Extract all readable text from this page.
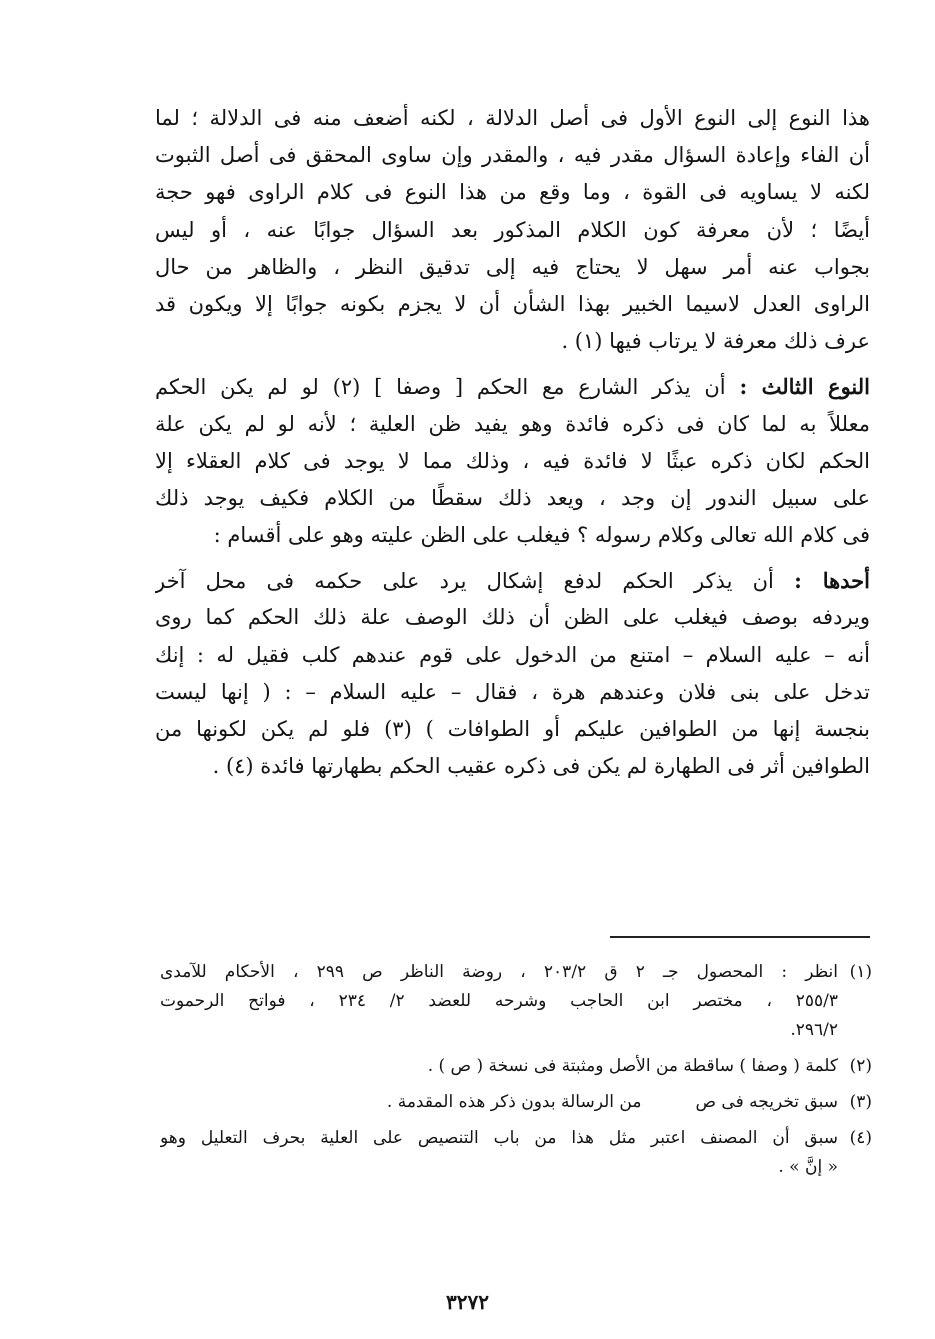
هذا النوع إلى النوع الأول فى أصل الدلالة ، لكنه أضعف منه فى الدلالة ؛ لما
أن الفاء وإعادة السؤال مقدر فيه ، والمقدر وإن ساوى المحقق فى أصل الثبوت
لكنه لا يساويه فى القوة ، وما وقع من هذا النوع فى كلام الراوى فهو حجة
أيضًا ؛ لأن معرفة كون الكلام المذكور بعد السؤال جوابًا عنه ، أو ليس
بجواب عنه أمر سهل لا يحتاج فيه إلى تدقيق النظر ، والظاهر من حال
الراوى العدل لاسيما الخبير بهذا الشأن أن لا يجزم بكونه جوابًا إلا ويكون قد
عرف ذلك معرفة لا يرتاب فيها (١) .
النوع الثالث : أن يذكر الشارع مع الحكم [ وصفا ] (٢) لو لم يكن الحكم
معللاً به لما كان فى ذكره فائدة وهو يفيد ظن العلية ؛ لأنه لو لم يكن علة
الحكم لكان ذكره عبثًا لا فائدة فيه ، وذلك مما لا يوجد فى كلام العقلاء إلا
على سبيل الندور إن وجد ، ويعد ذلك سقطًا من الكلام فكيف يوجد ذلك
فى كلام الله تعالى وكلام رسوله ؟ فيغلب على الظن عليته وهو على أقسام :
أحدها : أن يذكر الحكم لدفع إشكال يرد على حكمه فى محل آخر
ويردفه بوصف فيغلب على الظن أن ذلك الوصف علة ذلك الحكم كما روى
أنه – عليه السلام – امتنع من الدخول على قوم عندهم كلب فقيل له : إنك
تدخل على بنى فلان وعندهم هرة ، فقال – عليه السلام – : ( إنها ليست
بنجسة إنها من الطوافين عليكم أو الطوافات ) (٣) فلو لم يكن لكونها من
الطوافين أثر فى الطهارة لم يكن فى ذكره عقيب الحكم بطهارتها فائدة (٤) .
(١)
انظر : المحصول جـ ٢ ق ٢٠٣/٢ ، روضة الناظر ص ٢٩٩ ، الأحكام للآمدى
٢٥٥/٣ ، مختصر ابن الحاجب وشرحه للعضد ٢/ ٢٣٤ ، فواتح الرحموت
٢٩٦/٢.
(٢)
كلمة ( وصفا ) ساقطة من الأصل ومثبتة فى نسخة ( ص ) .
(٣)
سبق تخريجه فى ص          من الرسالة بدون ذكر هذه المقدمة .
(٤)
سبق أن المصنف اعتبر مثل هذا من باب التنصيص على العلية بحرف التعليل وهو
« إنَّ » .
٣٢٧٢
